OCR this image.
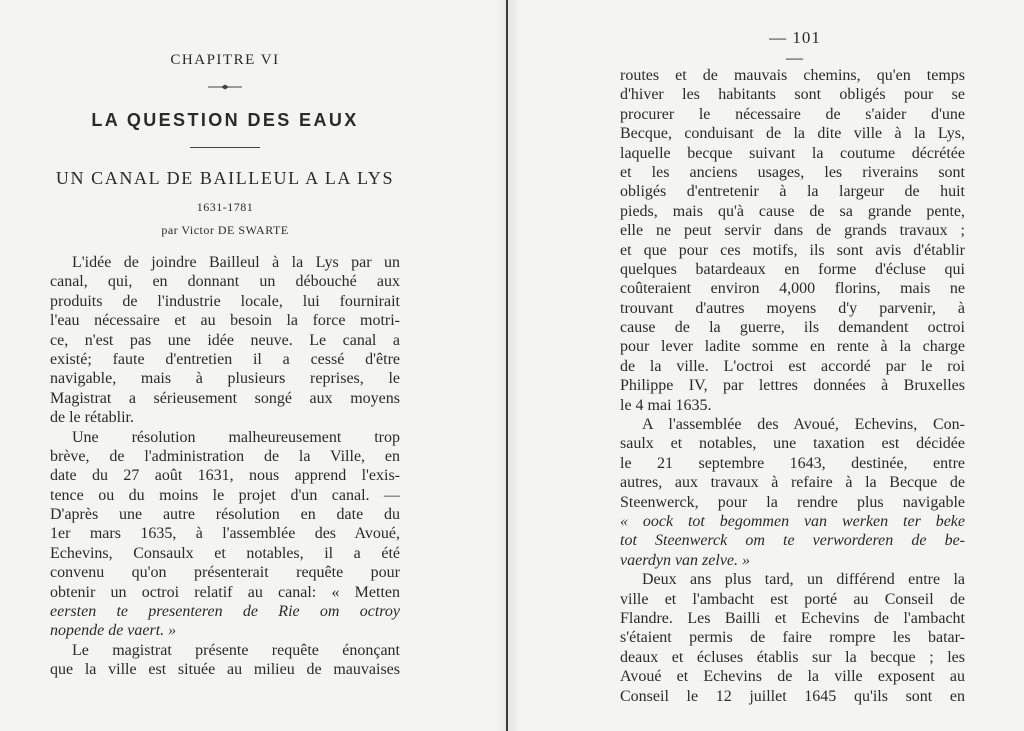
CHAPITRE VI
LA QUESTION DES EAUX
UN CANAL DE BAILLEUL A LA LYS
1631-1781
par Victor DE SWARTE
L'idée de joindre Bailleul à la Lys par un
canal, qui, en donnant un débouché aux
produits de l'industrie locale, lui fournirait
l'eau nécessaire et au besoin la force motri-
ce, n'est pas une idée neuve. Le canal a
existé; faute d'entretien il a cessé d'être
navigable, mais à plusieurs reprises, le
Magistrat a sérieusement songé aux moyens
de le rétablir.
Une résolution malheureusement trop
brève, de l'administration de la Ville, en
date du 27 août 1631, nous apprend l'exis-
tence ou du moins le projet d'un canal. —
D'après une autre résolution en date du
1er mars 1635, à l'assemblée des Avoué,
Echevins, Consaulx et notables, il a été
convenu qu'on présenterait requête pour
obtenir un octroi relatif au canal: « Metten
eersten te presenteren de Rie om octroy
nopende de vaert. »
Le magistrat présente requête énonçant
que la ville est située au milieu de mauvaises
— 101 —
routes et de mauvais chemins, qu'en temps
d'hiver les habitants sont obligés pour se
procurer le nécessaire de s'aider d'une
Becque, conduisant de la dite ville à la Lys,
laquelle becque suivant la coutume décrétée
et les anciens usages, les riverains sont
obligés d'entretenir à la largeur de huit
pieds, mais qu'à cause de sa grande pente,
elle ne peut servir dans de grands travaux ;
et que pour ces motifs, ils sont avis d'établir
quelques batardeaux en forme d'écluse qui
coûteraient environ 4,000 florins, mais ne
trouvant d'autres moyens d'y parvenir, à
cause de la guerre, ils demandent octroi
pour lever ladite somme en rente à la charge
de la ville. L'octroi est accordé par le roi
Philippe IV, par lettres données à Bruxelles
le 4 mai 1635.
A l'assemblée des Avoué, Echevins, Con-
saulx et notables, une taxation est décidée
le 21 septembre 1643, destinée, entre
autres, aux travaux à refaire à la Becque de
Steenwerck, pour la rendre plus navigable
« oock tot begommen van werken ter beke
tot Steenwerck om te verworderen de be-
vaerdyn van zelve. »
Deux ans plus tard, un différend entre la
ville et l'ambacht est porté au Conseil de
Flandre. Les Bailli et Echevins de l'ambacht
s'étaient permis de faire rompre les batar-
deaux et écluses établis sur la becque ; les
Avoué et Echevins de la ville exposent au
Conseil le 12 juillet 1645 qu'ils sont en
